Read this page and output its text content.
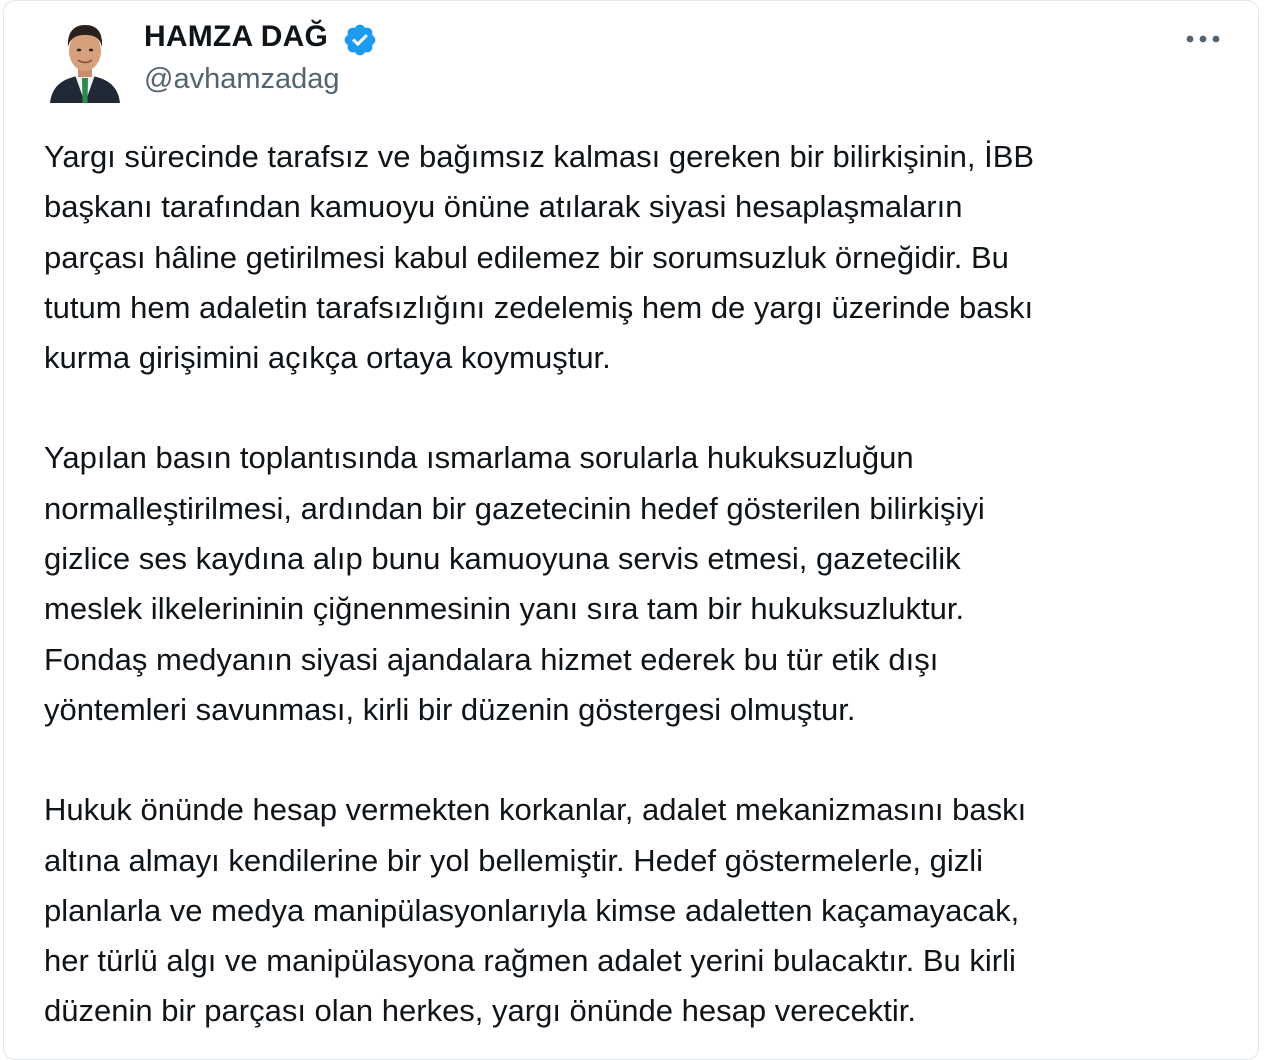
HAMZA DAĞ
@avhamzadag

Yargı sürecinde tarafsız ve bağımsız kalması gereken bir bilirkişinin, İBB
başkanı tarafından kamuoyu önüne atılarak siyasi hesaplaşmaların
parçası hâline getirilmesi kabul edilemez bir sorumsuzluk örneğidir. Bu
tutum hem adaletin tarafsızlığını zedelemiş hem de yargı üzerinde baskı
kurma girişimini açıkça ortaya koymuştur.

Yapılan basın toplantısında ısmarlama sorularla hukuksuzluğun
normalleştirilmesi, ardından bir gazetecinin hedef gösterilen bilirkişiyi
gizlice ses kaydına alıp bunu kamuoyuna servis etmesi, gazetecilik
meslek ilkelerininin çiğnenmesinin yanı sıra tam bir hukuksuzluktur.
Fondaş medyanın siyasi ajandalara hizmet ederek bu tür etik dışı
yöntemleri savunması, kirli bir düzenin göstergesi olmuştur.

Hukuk önünde hesap vermekten korkanlar, adalet mekanizmasını baskı
altına almayı kendilerine bir yol bellemiştir. Hedef göstermelerle, gizli
planlarla ve medya manipülasyonlarıyla kimse adaletten kaçamayacak,
her türlü algı ve manipülasyona rağmen adalet yerini bulacaktır. Bu kirli
düzenin bir parçası olan herkes, yargı önünde hesap verecektir.
